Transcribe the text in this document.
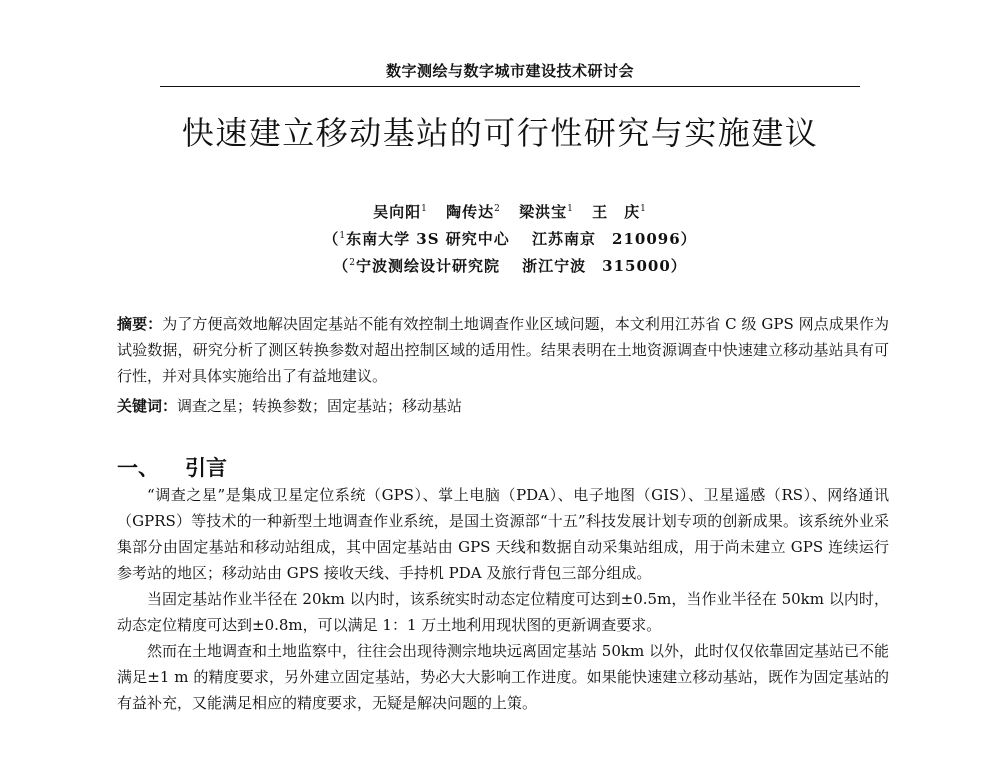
数字测绘与数字城市建设技术研讨会
快速建立移动基站的可行性研究与实施建议
吴向阳$^1$ 陶传达$^2$ 梁洪宝$^1$ 王　庆$^1$
（$^1$东南大学 3S 研究中心　 江苏南京　210096）
（$^2$宁波测绘设计研究院　 浙江宁波　315000）
摘要：为了方便高效地解决固定基站不能有效控制土地调查作业区域问题，本文利用江苏省 C 级 GPS 网点成果作为试验数据，研究分析了测区转换参数对超出控制区域的适用性。结果表明在土地资源调查中快速建立移动基站具有可行性，并对具体实施给出了有益地建议。
关键词：调查之星；转换参数；固定基站；移动基站
一、 引言

“调查之星”是集成卫星定位系统（GPS）、掌上电脑（PDA）、电子地图（GIS）、卫星遥感（RS）、网络通讯（GPRS）等技术的一种新型土地调查作业系统，是国土资源部“十五”科技发展计划专项的创新成果。该系统外业采集部分由固定基站和移动站组成，其中固定基站由 GPS 天线和数据自动采集站组成，用于尚未建立 GPS 连续运行参考站的地区；移动站由 GPS 接收天线、手持机 PDA 及旅行背包三部分组成。

当固定基站作业半径在 20km 以内时，该系统实时动态定位精度可达到±0.5m，当作业半径在 50km 以内时，动态定位精度可达到±0.8m，可以满足 1：1 万土地利用现状图的更新调查要求。

然而在土地调查和土地监察中，往往会出现待测宗地块远离固定基站 50km 以外，此时仅仅依靠固定基站已不能满足±1 m 的精度要求，另外建立固定基站，势必大大影响工作进度。如果能快速建立移动基站，既作为固定基站的有益补充，又能满足相应的精度要求，无疑是解决问题的上策。
